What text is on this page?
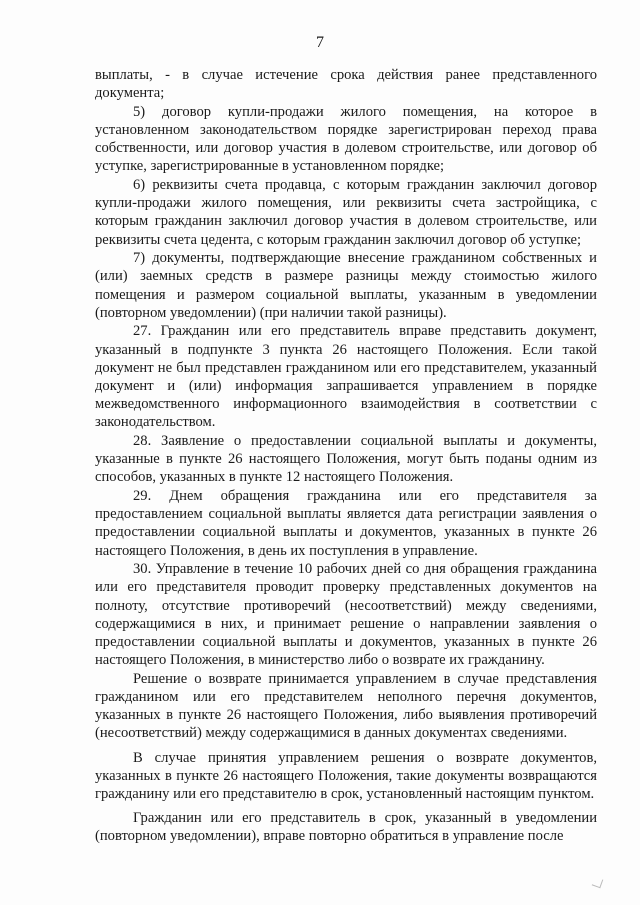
7

выплаты, - в случае истечение срока действия ранее представленного документа;

5) договор купли-продажи жилого помещения, на которое в установленном законодательством порядке зарегистрирован переход права собственности, или договор участия в долевом строительстве, или договор об уступке, зарегистрированные в установленном порядке;

6) реквизиты счета продавца, с которым гражданин заключил договор купли-продажи жилого помещения, или реквизиты счета застройщика, с которым гражданин заключил договор участия в долевом строительстве, или реквизиты счета цедента, с которым гражданин заключил договор об уступке;

7) документы, подтверждающие внесение гражданином собственных и (или) заемных средств в размере разницы между стоимостью жилого помещения и размером социальной выплаты, указанным в уведомлении (повторном уведомлении) (при наличии такой разницы).

27. Гражданин или его представитель вправе представить документ, указанный в подпункте 3 пункта 26 настоящего Положения. Если такой документ не был представлен гражданином или его представителем, указанный документ и (или) информация запрашивается управлением в порядке межведомственного информационного взаимодействия в соответствии с законодательством.

28. Заявление о предоставлении социальной выплаты и документы, указанные в пункте 26 настоящего Положения, могут быть поданы одним из способов, указанных в пункте 12 настоящего Положения.

29. Днем обращения гражданина или его представителя за предоставлением социальной выплаты является дата регистрации заявления о предоставлении социальной выплаты и документов, указанных в пункте 26 настоящего Положения, в день их поступления в управление.

30. Управление в течение 10 рабочих дней со дня обращения гражданина или его представителя проводит проверку представленных документов на полноту, отсутствие противоречий (несоответствий) между сведениями, содержащимися в них, и принимает решение о направлении заявления о предоставлении социальной выплаты и документов, указанных в пункте 26 настоящего Положения, в министерство либо о возврате их гражданину.

Решение о возврате принимается управлением в случае представления гражданином или его представителем неполного перечня документов, указанных в пункте 26 настоящего Положения, либо выявления противоречий (несоответствий) между содержащимися в данных документах сведениями.

В случае принятия управлением решения о возврате документов, указанных в пункте 26 настоящего Положения, такие документы возвращаются гражданину или его представителю в срок, установленный настоящим пунктом.

Гражданин или его представитель в срок, указанный в уведомлении (повторном уведомлении), вправе повторно обратиться в управление после
